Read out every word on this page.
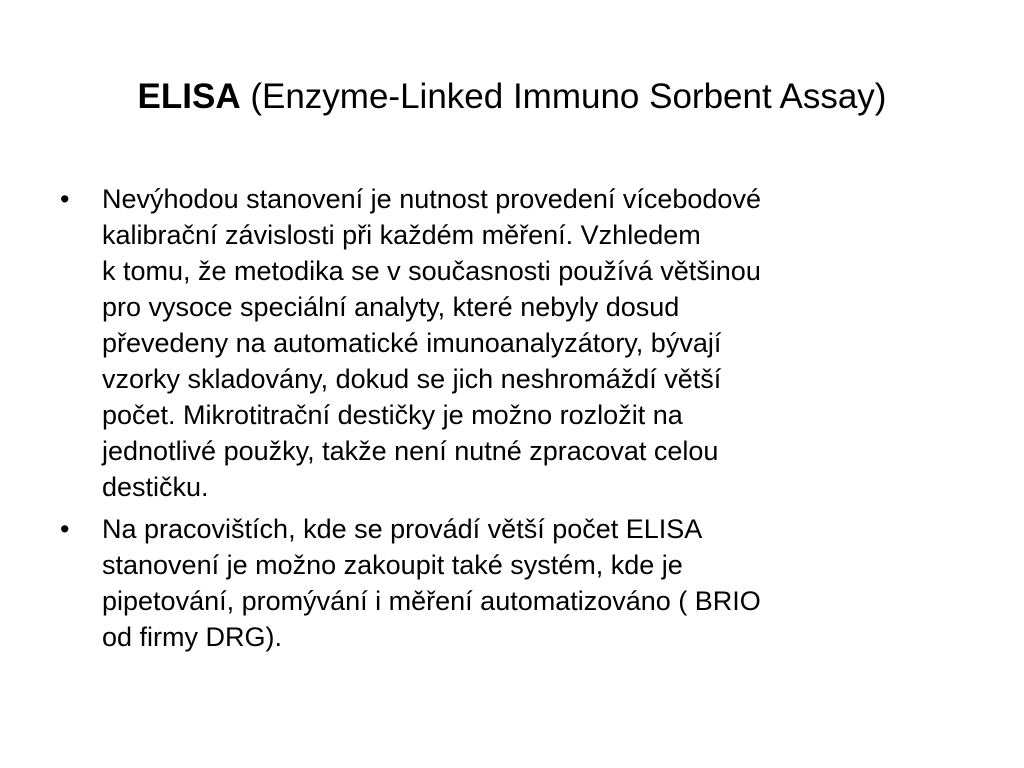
ELISA (Enzyme-Linked Immuno Sorbent Assay)
•	Nevýhodou stanovení je nutnost provedení vícebodové
kalibrační závislosti při každém měření. Vzhledem
k tomu, že metodika se v současnosti používá většinou
pro vysoce speciální analyty, které nebyly dosud
převedeny na automatické imunoanalyzátory, bývají
vzorky skladovány, dokud se jich neshromáždí větší
počet. Mikrotitrační destičky je možno rozložit na
jednotlivé použky, takže není nutné zpracovat celou
destičku.
•	Na pracovištích, kde se provádí větší počet ELISA
stanovení je možno zakoupit také systém, kde je
pipetování, promývání i měření automatizováno ( BRIO
od firmy DRG).
